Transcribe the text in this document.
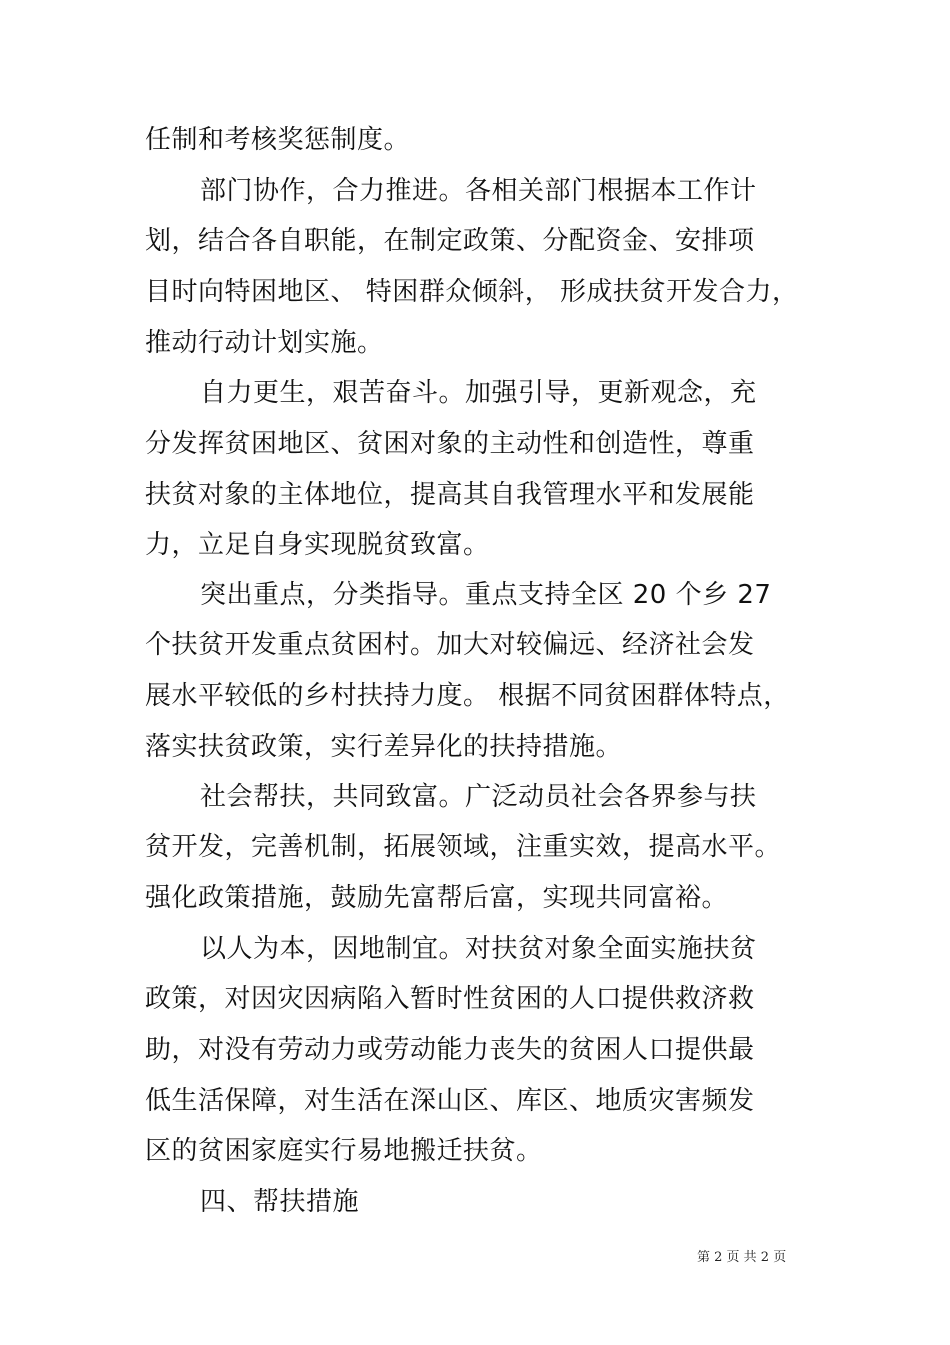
任制和考核奖惩制度。
部门协作，合力推进。各相关部门根据本工作计
划，结合各自职能，在制定政策、分配资金、安排项
目时向特困地区、 特困群众倾斜， 形成扶贫开发合力，
推动行动计划实施。
自力更生，艰苦奋斗。加强引导，更新观念，充
分发挥贫困地区、贫困对象的主动性和创造性，尊重
扶贫对象的主体地位，提高其自我管理水平和发展能
力，立足自身实现脱贫致富。
突出重点，分类指导。重点支持全区 20 个乡 27
个扶贫开发重点贫困村。加大对较偏远、经济社会发
展水平较低的乡村扶持力度。 根据不同贫困群体特点，
落实扶贫政策，实行差异化的扶持措施。
社会帮扶，共同致富。广泛动员社会各界参与扶
贫开发，完善机制，拓展领域，注重实效，提高水平。
强化政策措施，鼓励先富帮后富，实现共同富裕。
以人为本，因地制宜。对扶贫对象全面实施扶贫
政策，对因灾因病陷入暂时性贫困的人口提供救济救
助，对没有劳动力或劳动能力丧失的贫困人口提供最
低生活保障，对生活在深山区、库区、地质灾害频发
区的贫困家庭实行易地搬迁扶贫。
四、帮扶措施
第 2 页 共 2 页
